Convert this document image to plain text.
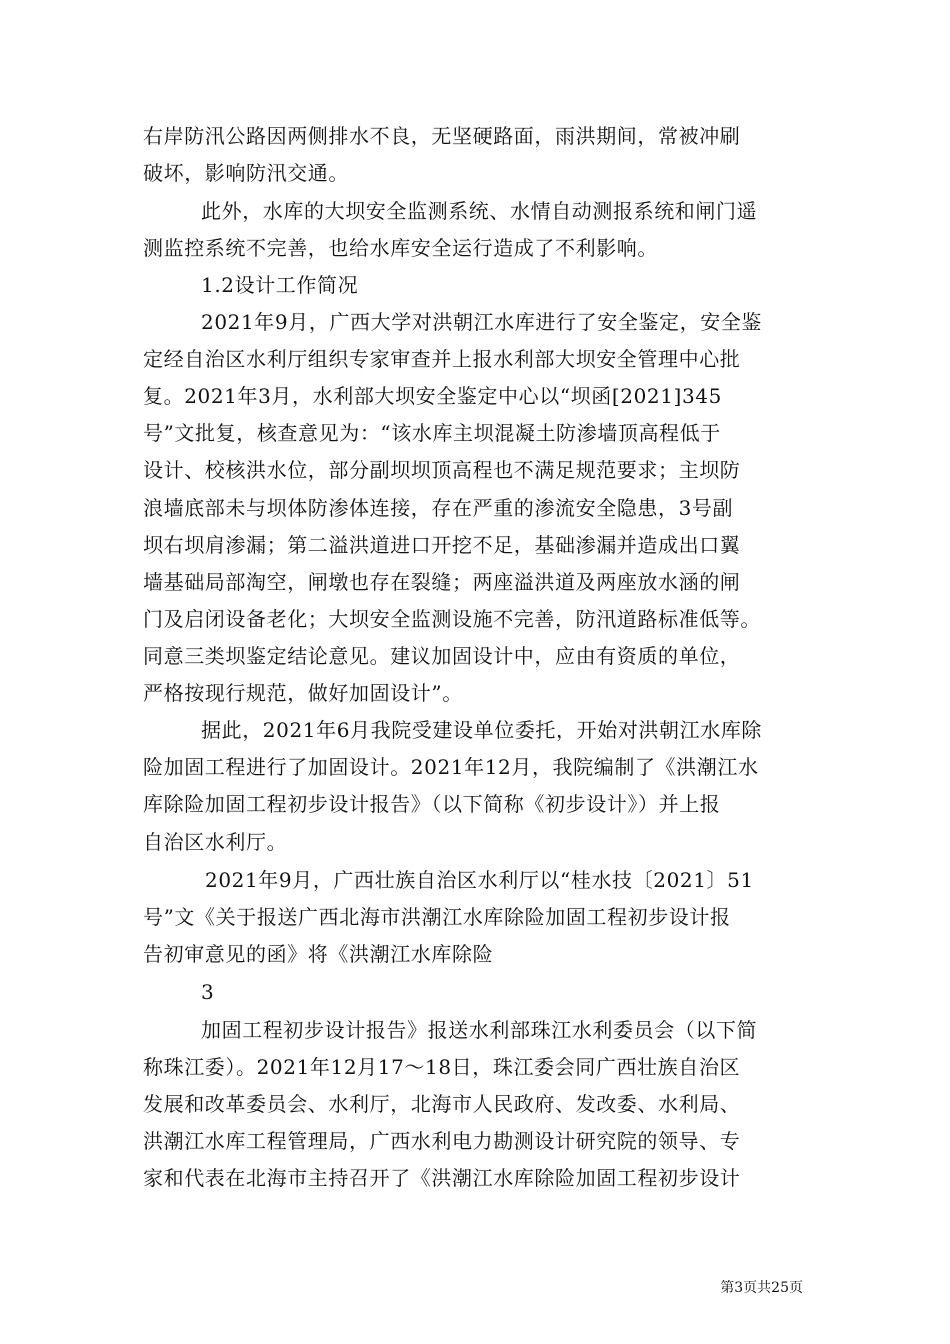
右岸防汛公路因两侧排水不良，无坚硬路面，雨洪期间，常被冲刷
破坏，影响防汛交通。
此外，水库的大坝安全监测系统、水情自动测报系统和闸门遥
测监控系统不完善，也给水库安全运行造成了不利影响。
1.2设计工作简况
2021年9月，广西大学对洪朝江水库进行了安全鉴定，安全鉴
定经自治区水利厅组织专家审查并上报水利部大坝安全管理中心批
复。2021年3月，水利部大坝安全鉴定中心以“坝函[2021]345
号”文批复，核查意见为：“该水库主坝混凝土防渗墙顶高程低于
设计、校核洪水位，部分副坝坝顶高程也不满足规范要求；主坝防
浪墙底部未与坝体防渗体连接，存在严重的渗流安全隐患，3号副
坝右坝肩渗漏；第二溢洪道进口开挖不足，基础渗漏并造成出口翼
墙基础局部淘空，闸墩也存在裂缝；两座溢洪道及两座放水涵的闸
门及启闭设备老化；大坝安全监测设施不完善，防汛道路标准低等。
同意三类坝鉴定结论意见。建议加固设计中，应由有资质的单位，
严格按现行规范，做好加固设计”。
据此，2021年6月我院受建设单位委托，开始对洪朝江水库除
险加固工程进行了加固设计。2021年12月，我院编制了《洪潮江水
库除险加固工程初步设计报告》（以下简称《初步设计》）并上报
自治区水利厅。
2021年9月，广西壮族自治区水利厅以“桂水技〔2021〕51
号”文《关于报送广西北海市洪潮江水库除险加固工程初步设计报
告初审意见的函》将《洪潮江水库除险
3
加固工程初步设计报告》报送水利部珠江水利委员会（以下简
称珠江委）。2021年12月17～18日，珠江委会同广西壮族自治区
发展和改革委员会、水利厅，北海市人民政府、发改委、水利局、
洪潮江水库工程管理局，广西水利电力勘测设计研究院的领导、专
家和代表在北海市主持召开了《洪潮江水库除险加固工程初步设计
第3页共25页
